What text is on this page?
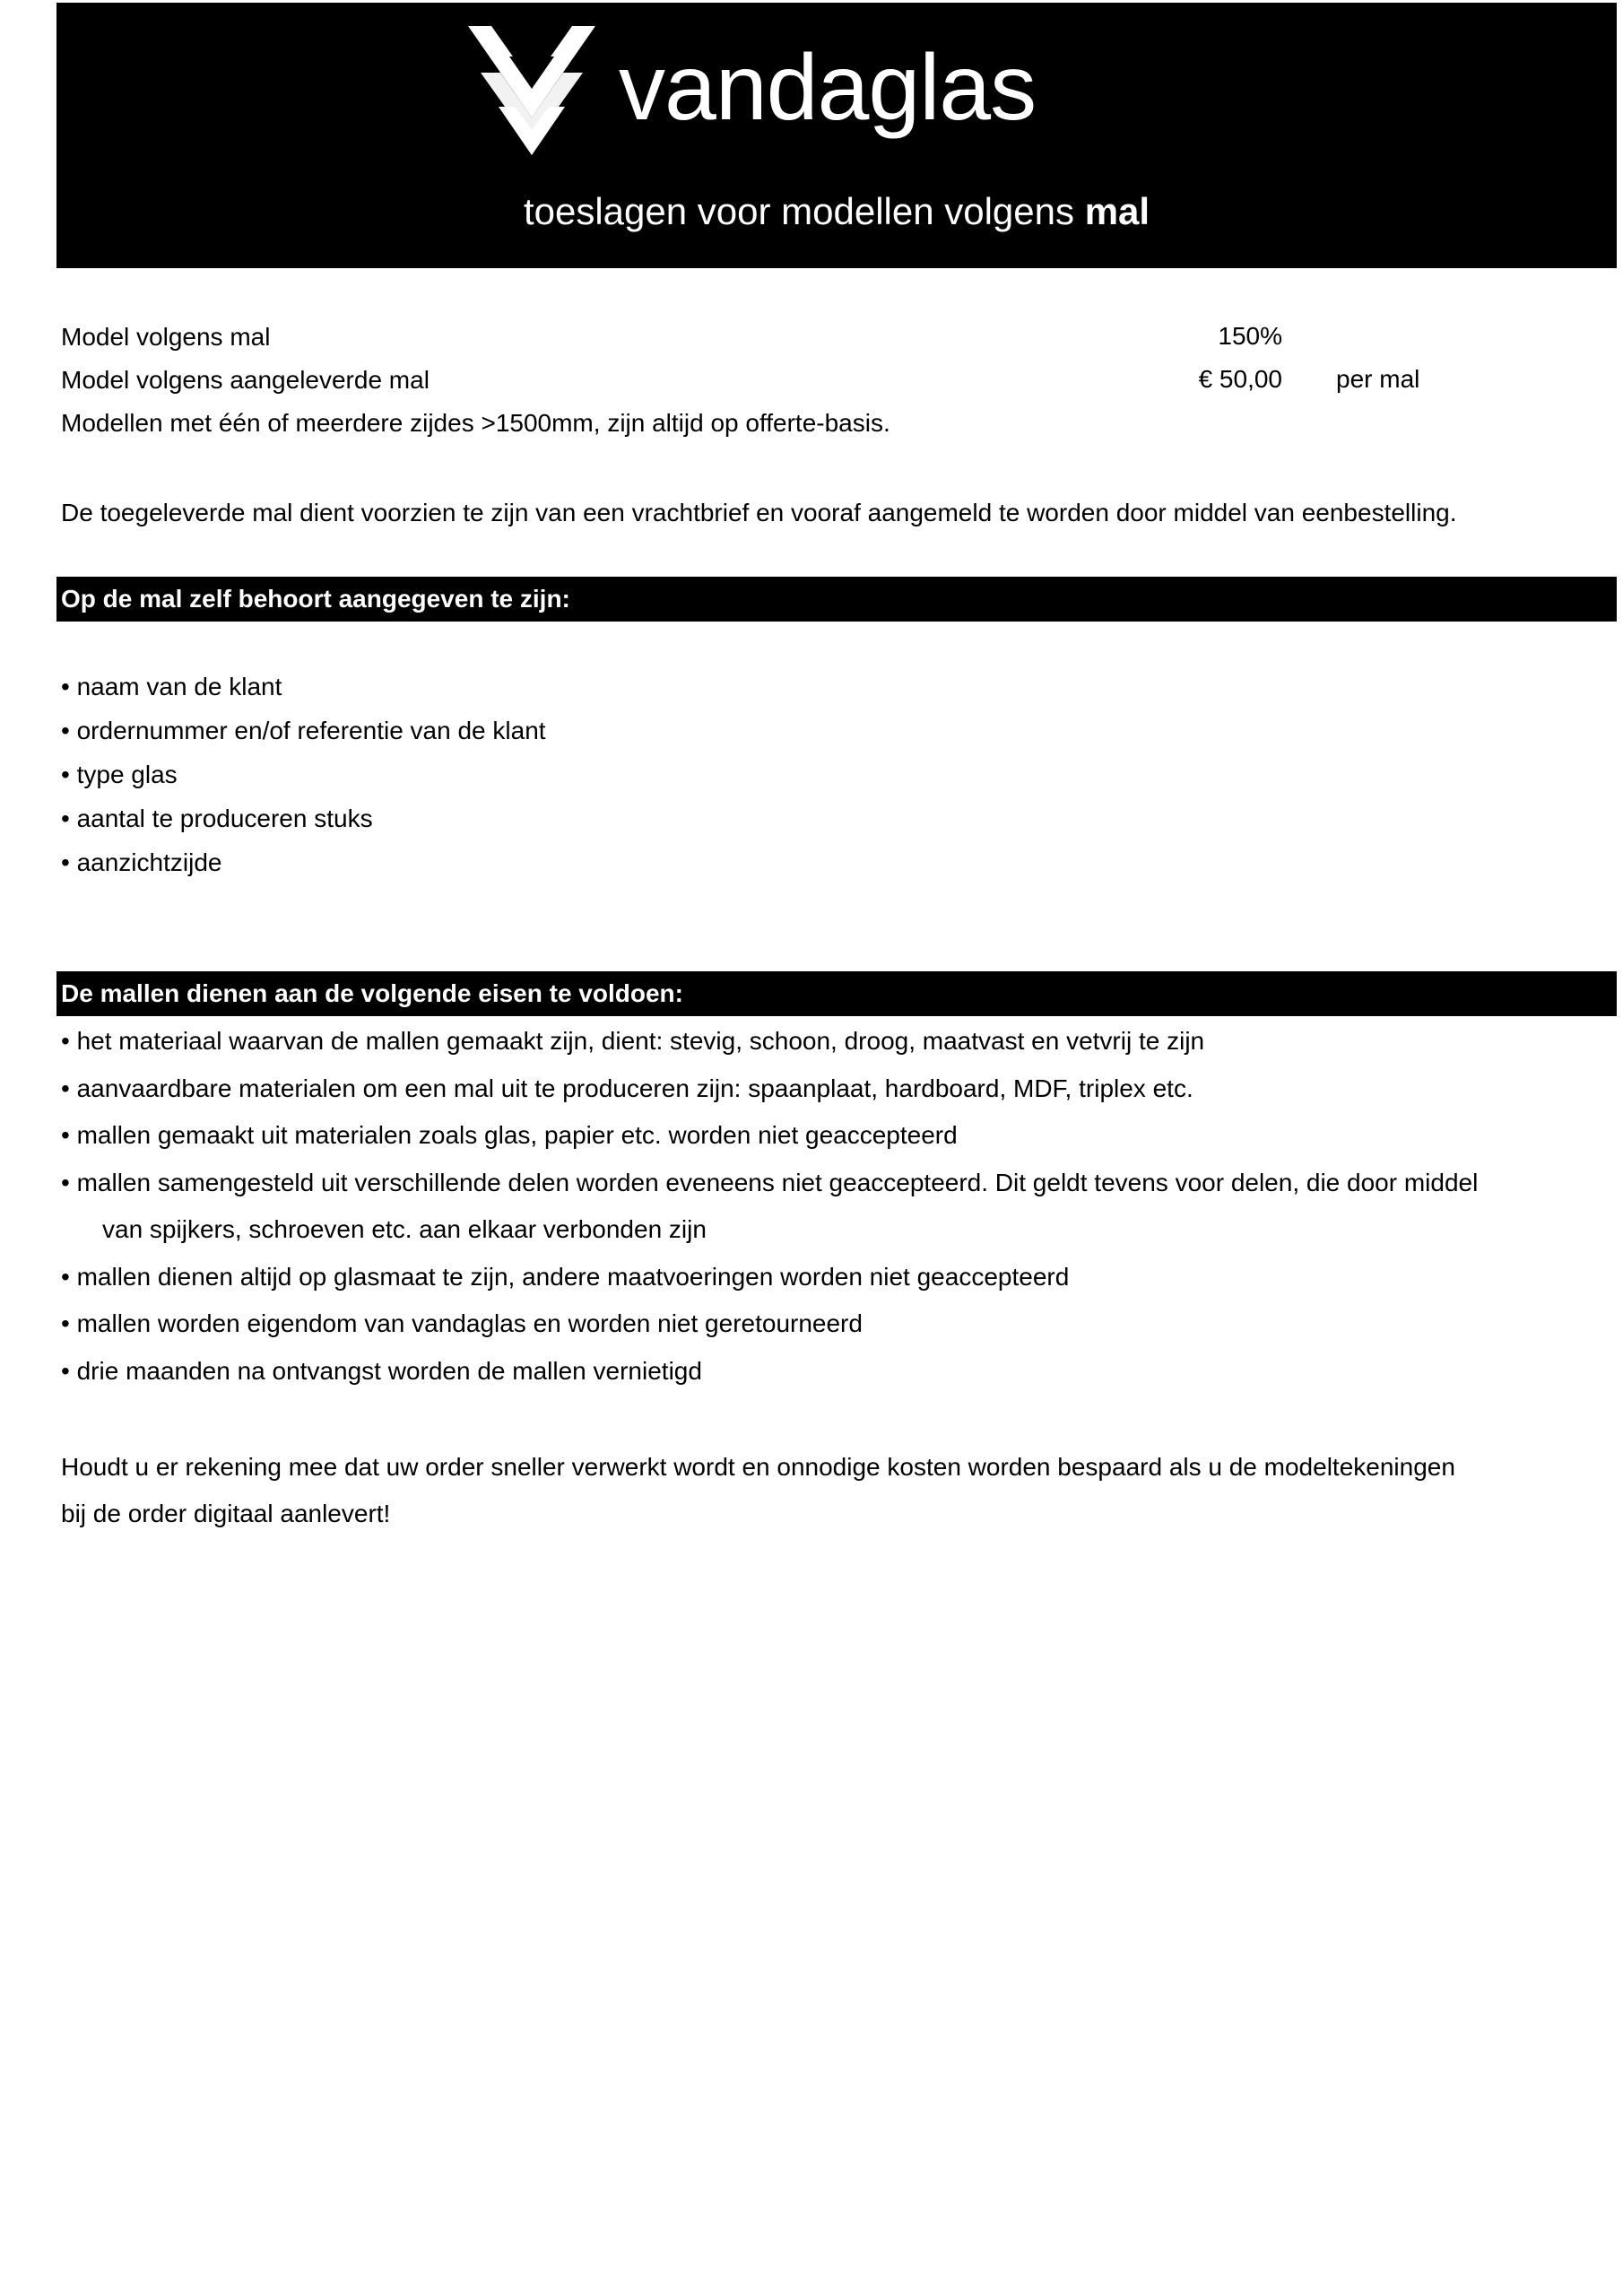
vandaglas
toeslagen voor modellen volgens mal
Model volgens mal	150%
Model volgens aangeleverde mal	€ 50,00 per mal
Modellen met één of meerdere zijdes >1500mm, zijn altijd op offerte-basis.
De toegeleverde mal dient voorzien te zijn van een vrachtbrief en vooraf aangemeld te worden door middel van eenbestelling.
Op de mal zelf behoort aangegeven te zijn:
• naam van de klant
• ordernummer en/of referentie van de klant
• type glas
• aantal te produceren stuks
• aanzichtzijde
De mallen dienen aan de volgende eisen te voldoen:
• het materiaal waarvan de mallen gemaakt zijn, dient: stevig, schoon, droog, maatvast en vetvrij te zijn
• aanvaardbare materialen om een mal uit te produceren zijn: spaanplaat, hardboard, MDF, triplex etc.
• mallen gemaakt uit materialen zoals glas, papier etc. worden niet geaccepteerd
• mallen samengesteld uit verschillende delen worden eveneens niet geaccepteerd. Dit geldt tevens voor delen, die door middel
van spijkers, schroeven etc. aan elkaar verbonden zijn
• mallen dienen altijd op glasmaat te zijn, andere maatvoeringen worden niet geaccepteerd
• mallen worden eigendom van vandaglas en worden niet geretourneerd
• drie maanden na ontvangst worden de mallen vernietigd
Houdt u er rekening mee dat uw order sneller verwerkt wordt en onnodige kosten worden bespaard als u de modeltekeningen
bij de order digitaal aanlevert!
